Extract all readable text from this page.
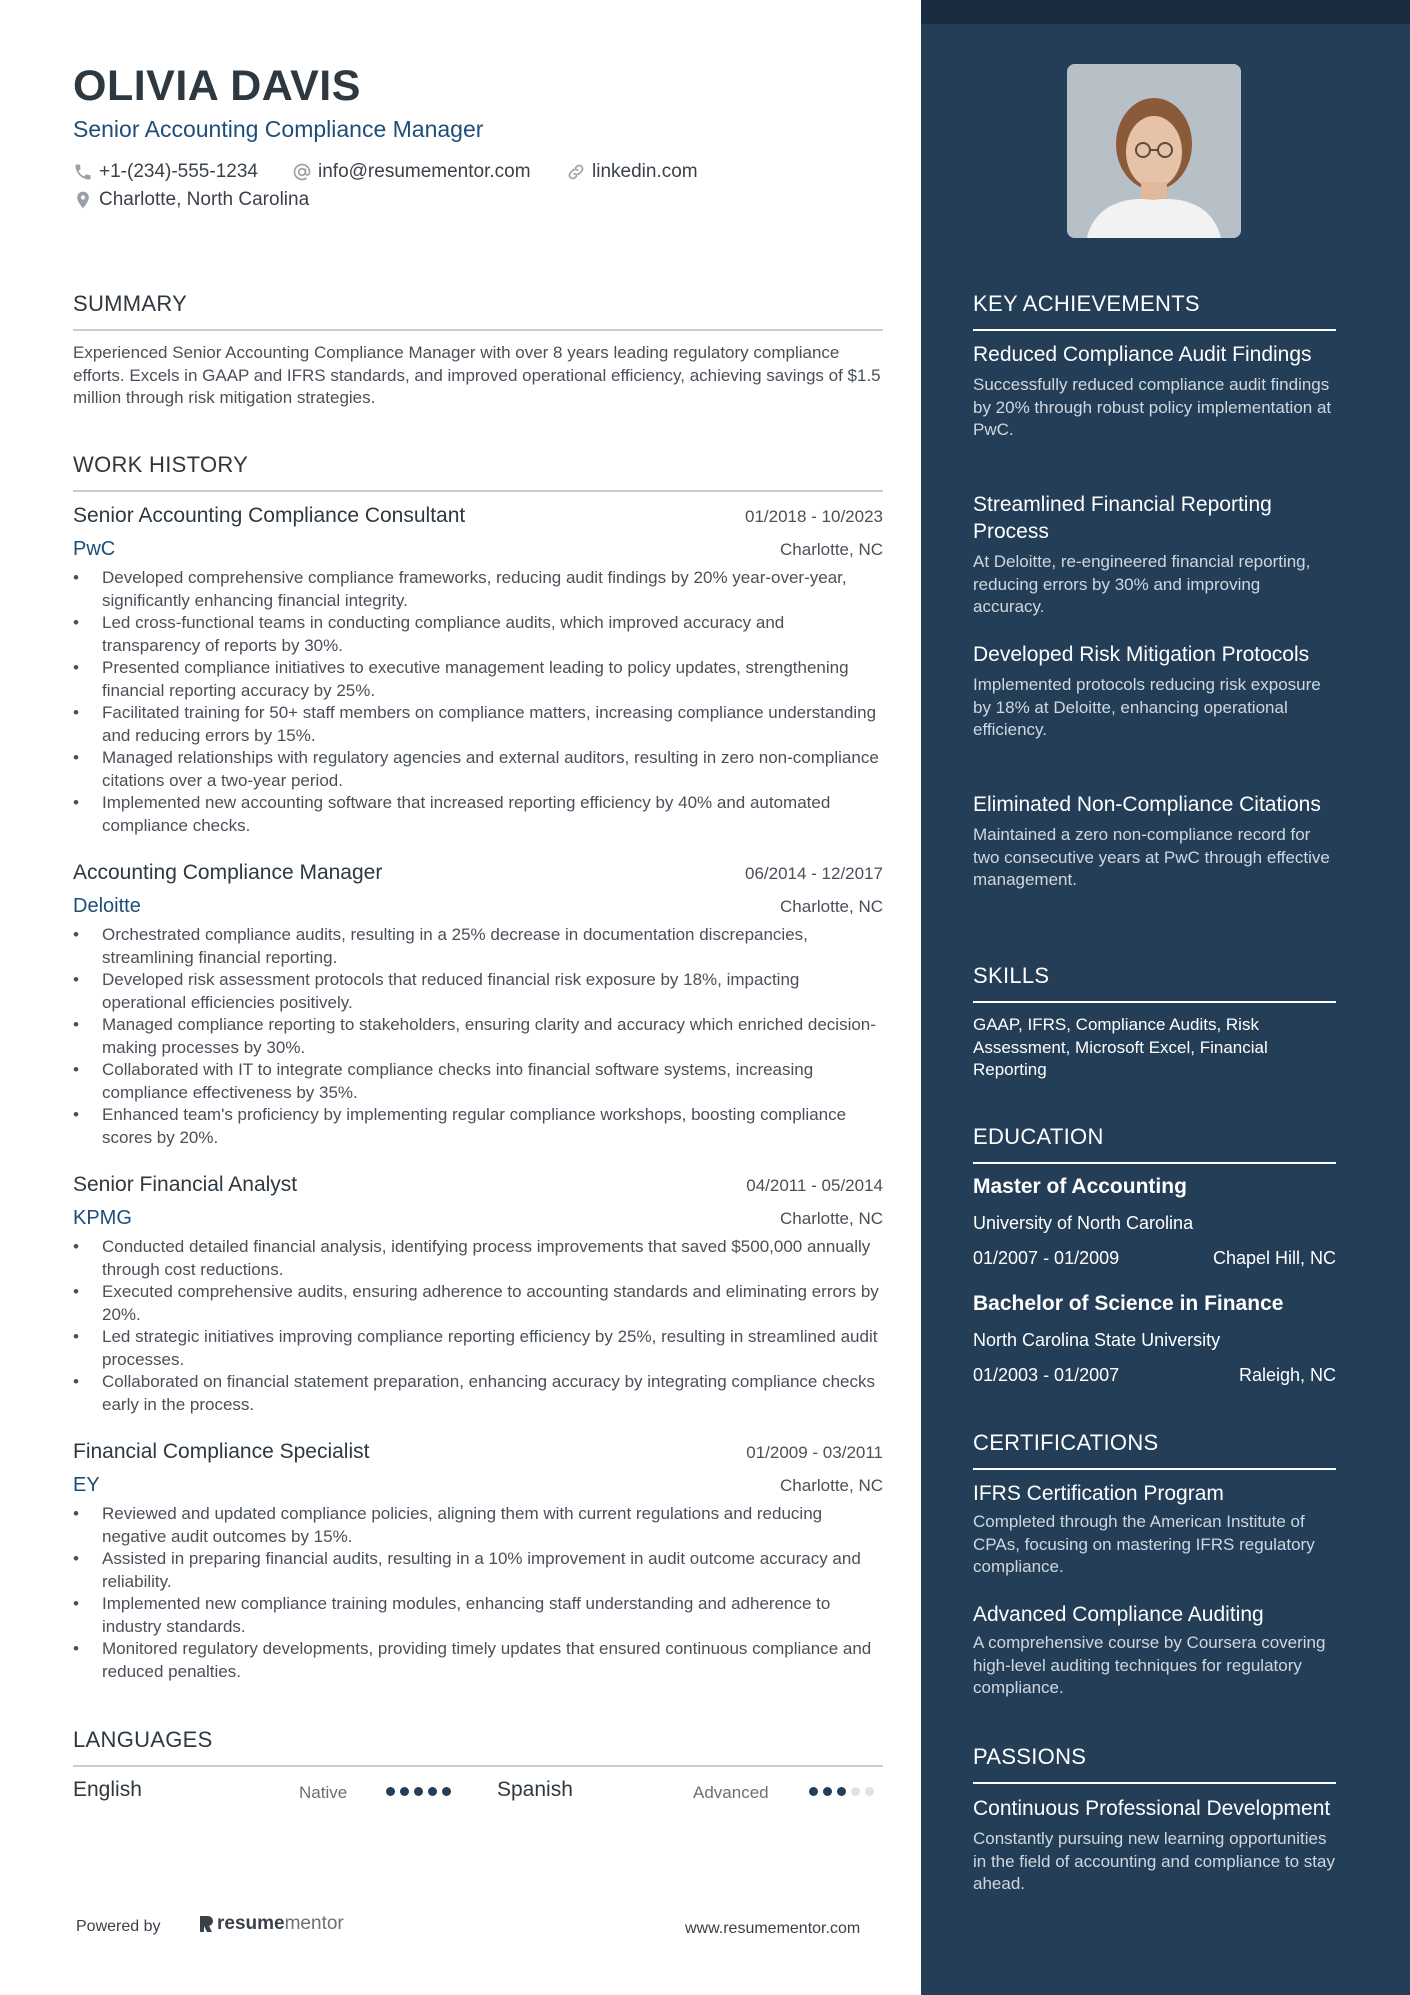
OLIVIA DAVIS
Senior Accounting Compliance Manager
+1-(234)-555-1234	info@resumementor.com	linkedin.com
Charlotte, North Carolina
SUMMARY
Experienced Senior Accounting Compliance Manager with over 8 years leading regulatory compliance efforts. Excels in GAAP and IFRS standards, and improved operational efficiency, achieving savings of $1.5 million through risk mitigation strategies.
WORK HISTORY
Senior Accounting Compliance Consultant	01/2018 - 10/2023
PwC	Charlotte, NC
• Developed comprehensive compliance frameworks, reducing audit findings by 20% year-over-year, significantly enhancing financial integrity.
• Led cross-functional teams in conducting compliance audits, which improved accuracy and transparency of reports by 30%.
• Presented compliance initiatives to executive management leading to policy updates, strengthening financial reporting accuracy by 25%.
• Facilitated training for 50+ staff members on compliance matters, increasing compliance understanding and reducing errors by 15%.
• Managed relationships with regulatory agencies and external auditors, resulting in zero non-compliance citations over a two-year period.
• Implemented new accounting software that increased reporting efficiency by 40% and automated compliance checks.
Accounting Compliance Manager	06/2014 - 12/2017
Deloitte	Charlotte, NC
• Orchestrated compliance audits, resulting in a 25% decrease in documentation discrepancies, streamlining financial reporting.
• Developed risk assessment protocols that reduced financial risk exposure by 18%, impacting operational efficiencies positively.
• Managed compliance reporting to stakeholders, ensuring clarity and accuracy which enriched decision-making processes by 30%.
• Collaborated with IT to integrate compliance checks into financial software systems, increasing compliance effectiveness by 35%.
• Enhanced team's proficiency by implementing regular compliance workshops, boosting compliance scores by 20%.
Senior Financial Analyst	04/2011 - 05/2014
KPMG	Charlotte, NC
• Conducted detailed financial analysis, identifying process improvements that saved $500,000 annually through cost reductions.
• Executed comprehensive audits, ensuring adherence to accounting standards and eliminating errors by 20%.
• Led strategic initiatives improving compliance reporting efficiency by 25%, resulting in streamlined audit processes.
• Collaborated on financial statement preparation, enhancing accuracy by integrating compliance checks early in the process.
Financial Compliance Specialist	01/2009 - 03/2011
EY	Charlotte, NC
• Reviewed and updated compliance policies, aligning them with current regulations and reducing negative audit outcomes by 15%.
• Assisted in preparing financial audits, resulting in a 10% improvement in audit outcome accuracy and reliability.
• Implemented new compliance training modules, enhancing staff understanding and adherence to industry standards.
• Monitored regulatory developments, providing timely updates that ensured continuous compliance and reduced penalties.
LANGUAGES
English	Native	Spanish	Advanced
Powered by	resume mentor	www.resumementor.com
KEY ACHIEVEMENTS
Reduced Compliance Audit Findings
Successfully reduced compliance audit findings by 20% through robust policy implementation at PwC.
Streamlined Financial Reporting Process
At Deloitte, re-engineered financial reporting, reducing errors by 30% and improving accuracy.
Developed Risk Mitigation Protocols
Implemented protocols reducing risk exposure by 18% at Deloitte, enhancing operational efficiency.
Eliminated Non-Compliance Citations
Maintained a zero non-compliance record for two consecutive years at PwC through effective management.
SKILLS
GAAP, IFRS, Compliance Audits, Risk Assessment, Microsoft Excel, Financial Reporting
EDUCATION
Master of Accounting
University of North Carolina
01/2007 - 01/2009	Chapel Hill, NC
Bachelor of Science in Finance
North Carolina State University
01/2003 - 01/2007	Raleigh, NC
CERTIFICATIONS
IFRS Certification Program
Completed through the American Institute of CPAs, focusing on mastering IFRS regulatory compliance.
Advanced Compliance Auditing
A comprehensive course by Coursera covering high-level auditing techniques for regulatory compliance.
PASSIONS
Continuous Professional Development
Constantly pursuing new learning opportunities in the field of accounting and compliance to stay ahead.
